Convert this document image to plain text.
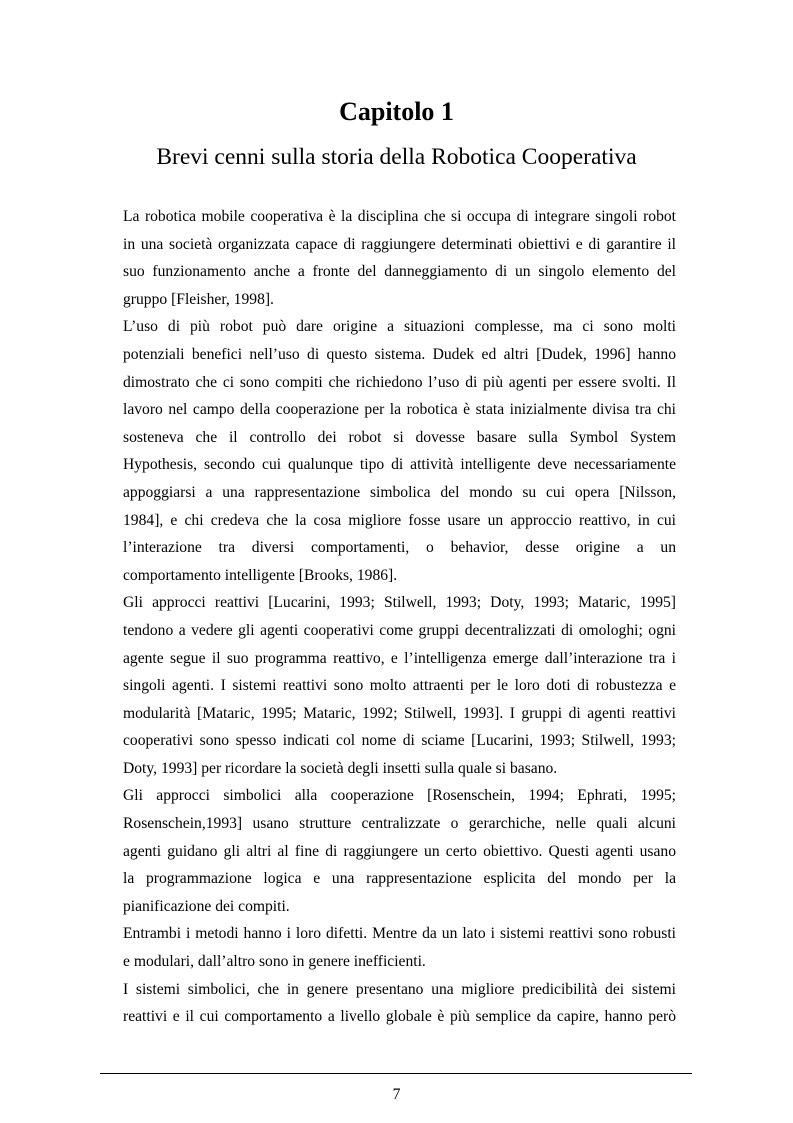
Capitolo 1
Brevi cenni sulla storia della Robotica Cooperativa
La robotica mobile cooperativa è la disciplina che si occupa di integrare singoli robot
in una società organizzata capace di raggiungere determinati obiettivi e di garantire il
suo funzionamento anche a fronte del danneggiamento di un singolo elemento del
gruppo [Fleisher, 1998].
L’uso di più robot può dare origine a situazioni complesse, ma ci sono molti
potenziali benefici nell’uso di questo sistema. Dudek ed altri [Dudek, 1996] hanno
dimostrato che ci sono compiti che richiedono l’uso di più agenti per essere svolti. Il
lavoro nel campo della cooperazione per la robotica è stata inizialmente divisa tra chi
sosteneva che il controllo dei robot si dovesse basare sulla Symbol System
Hypothesis, secondo cui qualunque tipo di attività intelligente deve necessariamente
appoggiarsi a una rappresentazione simbolica del mondo su cui opera [Nilsson,
1984], e chi credeva che la cosa migliore fosse usare un approccio reattivo, in cui
l’interazione tra diversi comportamenti, o behavior, desse origine a un
comportamento intelligente [Brooks, 1986].
Gli approcci reattivi [Lucarini, 1993; Stilwell, 1993; Doty, 1993; Mataric, 1995]
tendono a vedere gli agenti cooperativi come gruppi decentralizzati di omologhi; ogni
agente segue il suo programma reattivo, e l’intelligenza emerge dall’interazione tra i
singoli agenti. I sistemi reattivi sono molto attraenti per le loro doti di robustezza e
modularità [Mataric, 1995; Mataric, 1992; Stilwell, 1993]. I gruppi di agenti reattivi
cooperativi sono spesso indicati col nome di sciame [Lucarini, 1993; Stilwell, 1993;
Doty, 1993] per ricordare la società degli insetti sulla quale si basano.
Gli approcci simbolici alla cooperazione [Rosenschein, 1994; Ephrati, 1995;
Rosenschein,1993] usano strutture centralizzate o gerarchiche, nelle quali alcuni
agenti guidano gli altri al fine di raggiungere un certo obiettivo. Questi agenti usano
la programmazione logica e una rappresentazione esplicita del mondo per la
pianificazione dei compiti.
Entrambi i metodi hanno i loro difetti. Mentre da un lato i sistemi reattivi sono robusti
e modulari, dall’altro sono in genere inefficienti.
I sistemi simbolici, che in genere presentano una migliore predicibilità dei sistemi
reattivi e il cui comportamento a livello globale è più semplice da capire, hanno però
7
